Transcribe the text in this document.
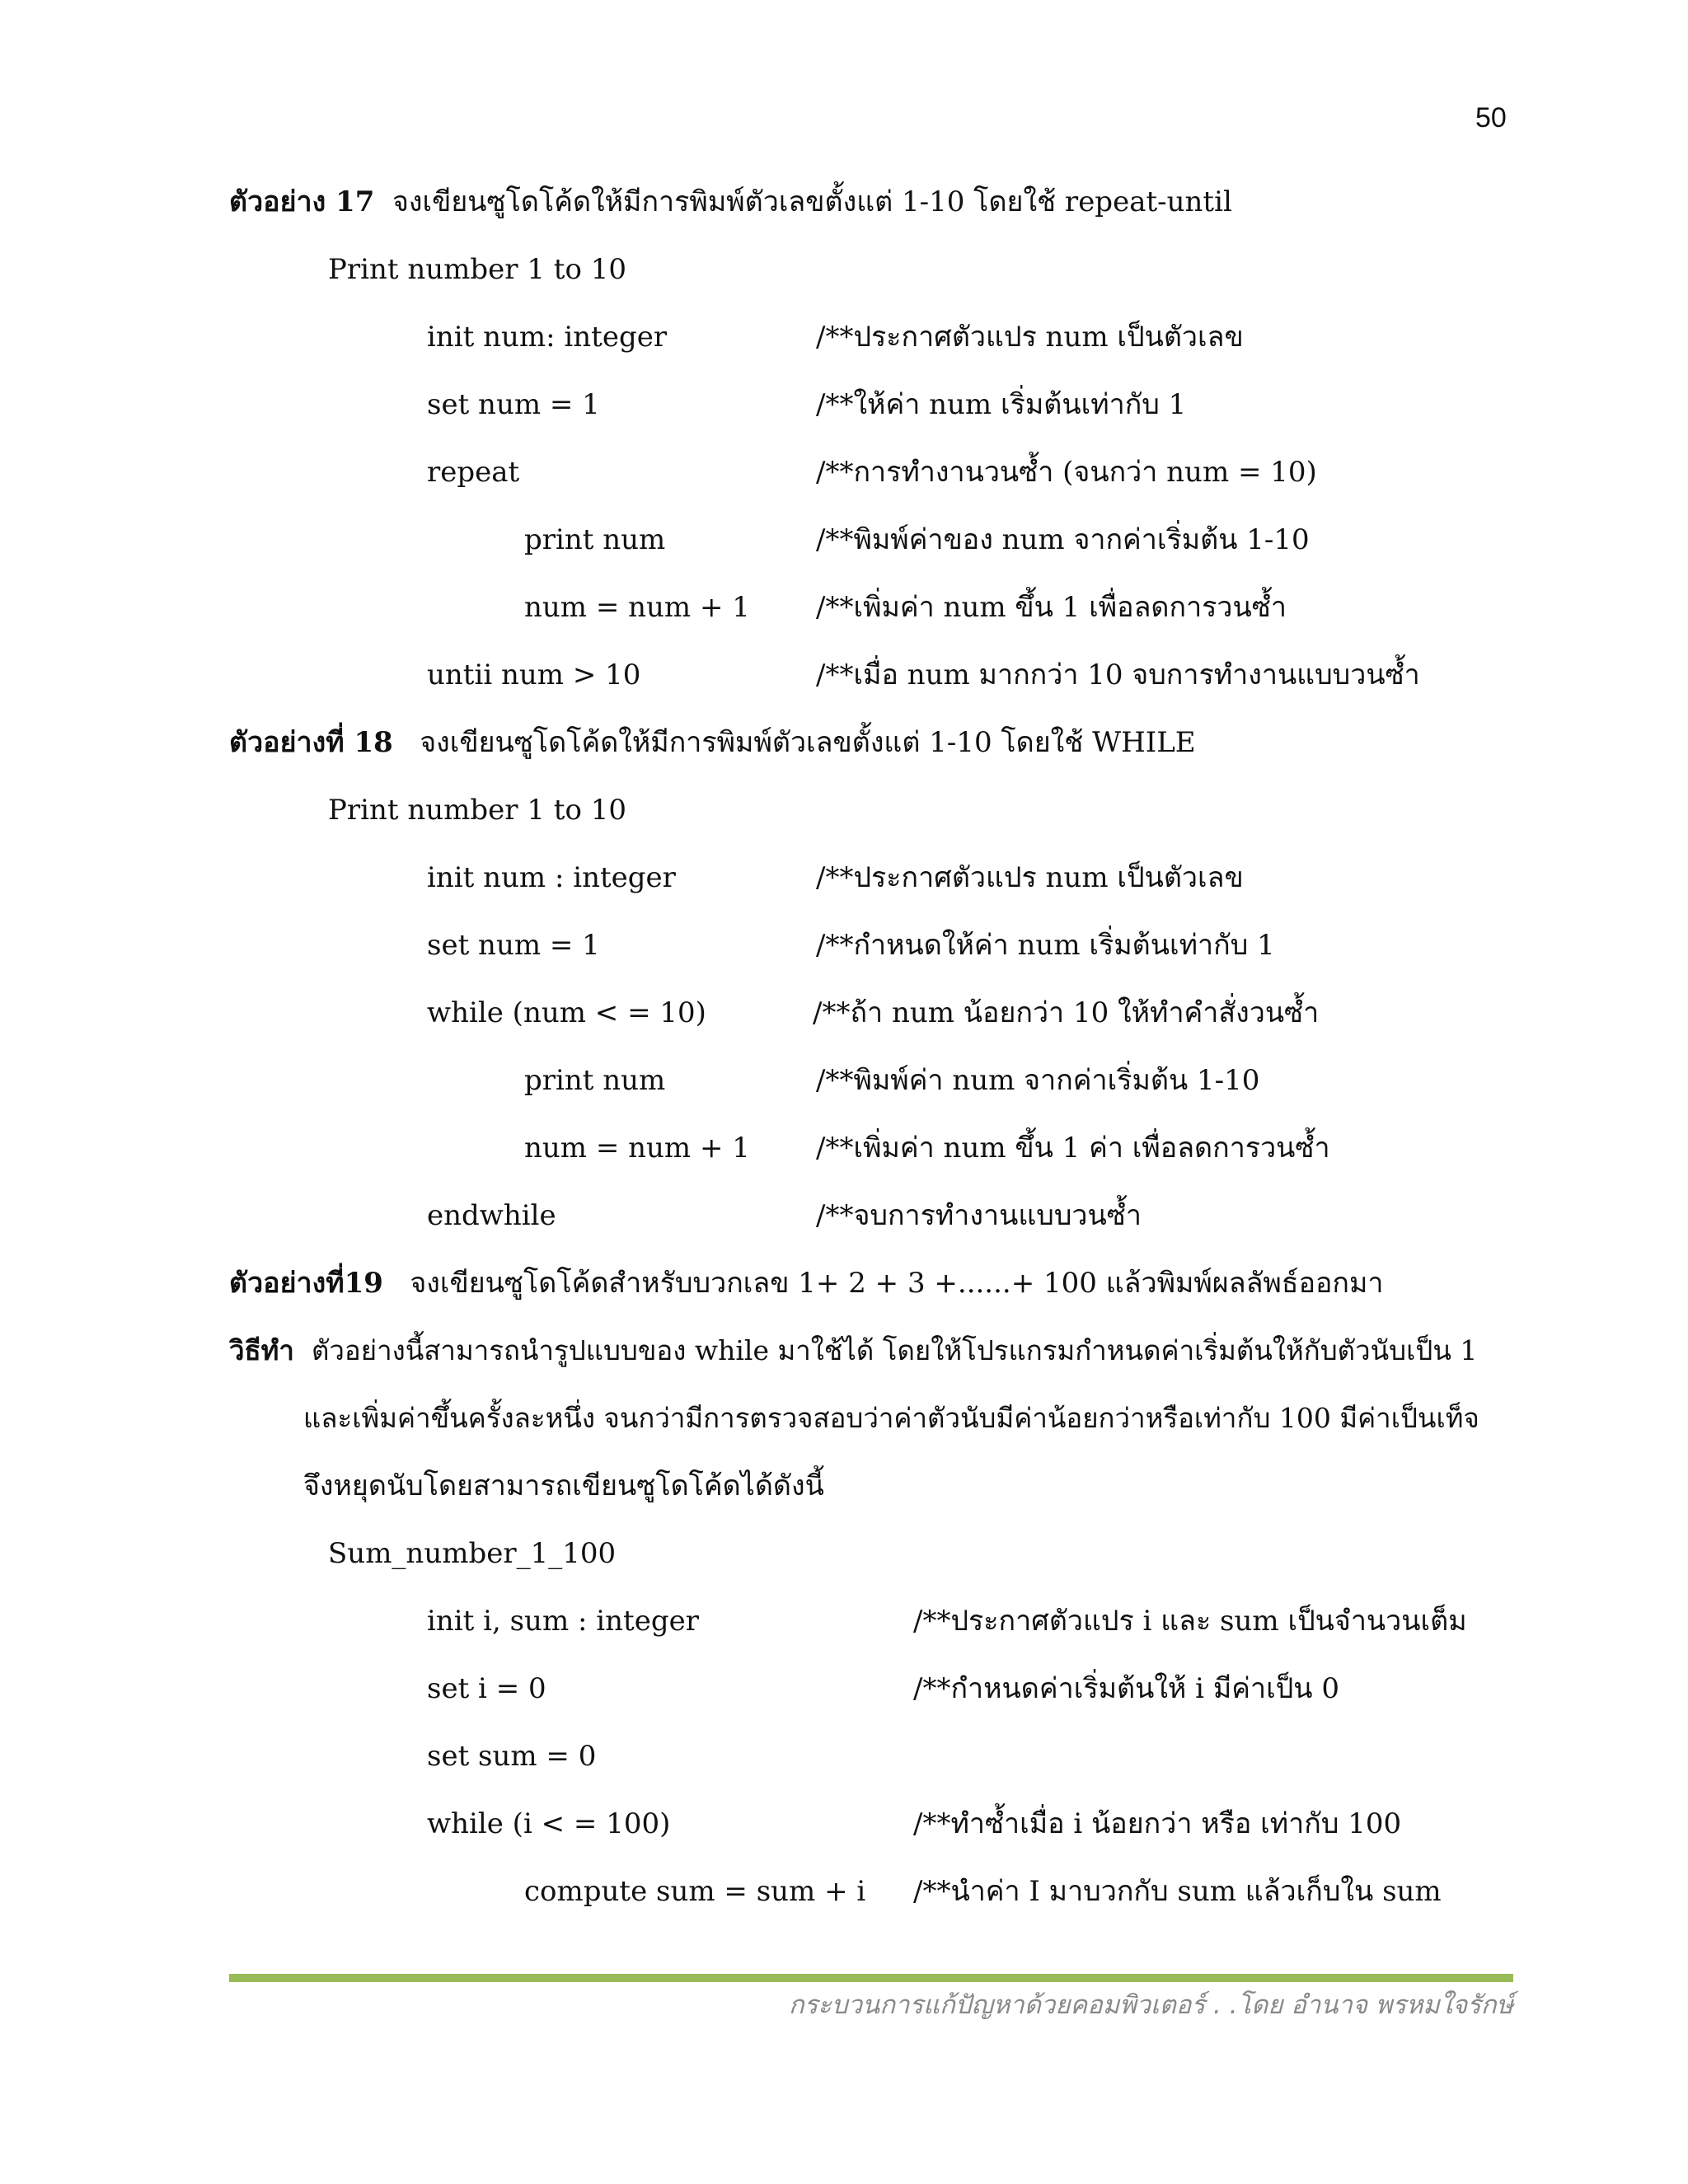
50
ตัวอย่าง 17 จงเขียนซูโดโค้ดให้มีการพิมพ์ตัวเลขตั้งแต่ 1-10 โดยใช้ repeat-until
Print number 1 to 10
init num: integer	/**ประกาศตัวแปร num เป็นตัวเลข
set num = 1	/**ให้ค่า num เริ่มต้นเท่ากับ 1
repeat	/**การทำงานวนซ้ำ (จนกว่า num = 10)
print num	/**พิมพ์ค่าของ num จากค่าเริ่มต้น 1-10
num = num + 1 /**เพิ่มค่า num ขึ้น 1 เพื่อลดการวนซ้ำ
untii num > 10	/**เมื่อ num มากกว่า 10 จบการทำงานแบบวนซ้ำ
ตัวอย่างที่ 18 จงเขียนซูโดโค้ดให้มีการพิมพ์ตัวเลขตั้งแต่ 1-10 โดยใช้ WHILE
Print number 1 to 10
init num : integer	/**ประกาศตัวแปร num เป็นตัวเลข
set num = 1	/**กำหนดให้ค่า num เริ่มต้นเท่ากับ 1
while (num < = 10)	/**ถ้า num น้อยกว่า 10 ให้ทำคำสั่งวนซ้ำ
print num	/**พิมพ์ค่า num จากค่าเริ่มต้น 1-10
num = num + 1 /**เพิ่มค่า num ขึ้น 1 ค่า เพื่อลดการวนซ้ำ
endwhile	/**จบการทำงานแบบวนซ้ำ
ตัวอย่างที่19 จงเขียนซูโดโค้ดสำหรับบวกเลข 1+ 2 + 3 +......+ 100 แล้วพิมพ์ผลลัพธ์ออกมา
วิธีทำ ตัวอย่างนี้สามารถนำรูปแบบของ while มาใช้ได้ โดยให้โปรแกรมกำหนดค่าเริ่มต้นให้กับตัวนับเป็น 1
และเพิ่มค่าขึ้นครั้งละหนึ่ง จนกว่ามีการตรวจสอบว่าค่าตัวนับมีค่าน้อยกว่าหรือเท่ากับ 100 มีค่าเป็นเท็จ
จึงหยุดนับโดยสามารถเขียนซูโดโค้ดได้ดังนี้
Sum_number_1_100
init i, sum : integer	/**ประกาศตัวแปร i และ sum เป็นจำนวนเต็ม
set i = 0	/**กำหนดค่าเริ่มต้นให้ i มีค่าเป็น 0
set sum = 0
while (i < = 100)	/**ทำซ้ำเมื่อ i น้อยกว่า หรือ เท่ากับ 100
compute sum = sum + i /**นำค่า I มาบวกกับ sum แล้วเก็บใน sum
กระบวนการแก้ปัญหาด้วยคอมพิวเตอร์ . .โดย อำนาจ พรหมใจรักษ์
